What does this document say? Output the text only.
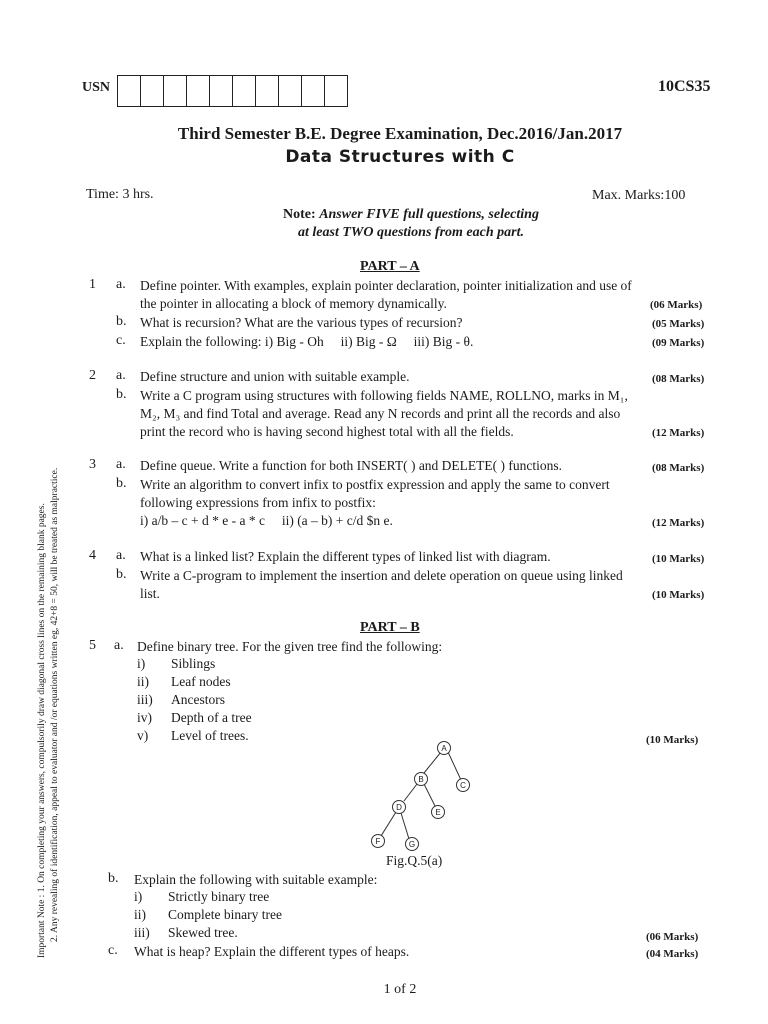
Important Note : 1. On completing your answers, compulsorily draw diagonal cross lines on the remaining blank pages. 2. Any revealing of identification, appeal to evaluator and /or equations written eg, 42+8 = 50, will be treated as malpractice.
USN	10CS35
Third Semester B.E. Degree Examination, Dec.2016/Jan.2017
Data Structures with C
Time: 3 hrs.	Max. Marks:100
Note: Answer FIVE full questions, selecting
at least TWO questions from each part.
PART – A
1 a. Define pointer. With examples, explain pointer declaration, pointer initialization and use of
the pointer in allocating a block of memory dynamically.	(06 Marks)
b. What is recursion? What are the various types of recursion?	(05 Marks)
c. Explain the following: i) Big - Oh     ii) Big - Ω     iii) Big - θ.	(09 Marks)
2 a. Define structure and union with suitable example.	(08 Marks)
b. Write a C program using structures with following fields NAME, ROLLNO, marks in M₁,
M₂, M₃ and find Total and average. Read any N records and print all the records and also
print the record who is having second highest total with all the fields.	(12 Marks)
3 a. Define queue. Write a function for both INSERT( ) and DELETE( ) functions.	(08 Marks)
b. Write an algorithm to convert infix to postfix expression and apply the same to convert
following expressions from infix to postfix:
i) a/b – c + d * e - a * c     ii) (a – b) + c/d $n e.	(12 Marks)
4 a. What is a linked list? Explain the different types of linked list with diagram.	(10 Marks)
b. Write a C-program to implement the insertion and delete operation on queue using linked
list.	(10 Marks)
PART – B
5 a. Define binary tree. For the given tree find the following:
i) Siblings
ii) Leaf nodes
iii) Ancestors
iv) Depth of a tree
v) Level of trees.	(10 Marks)
A
B
C
D
E
F	G
Fig.Q.5(a)
b. Explain the following with suitable example:
i) Strictly binary tree
ii) Complete binary tree
iii) Skewed tree.	(06 Marks)
c. What is heap? Explain the different types of heaps.	(04 Marks)
1 of 2
